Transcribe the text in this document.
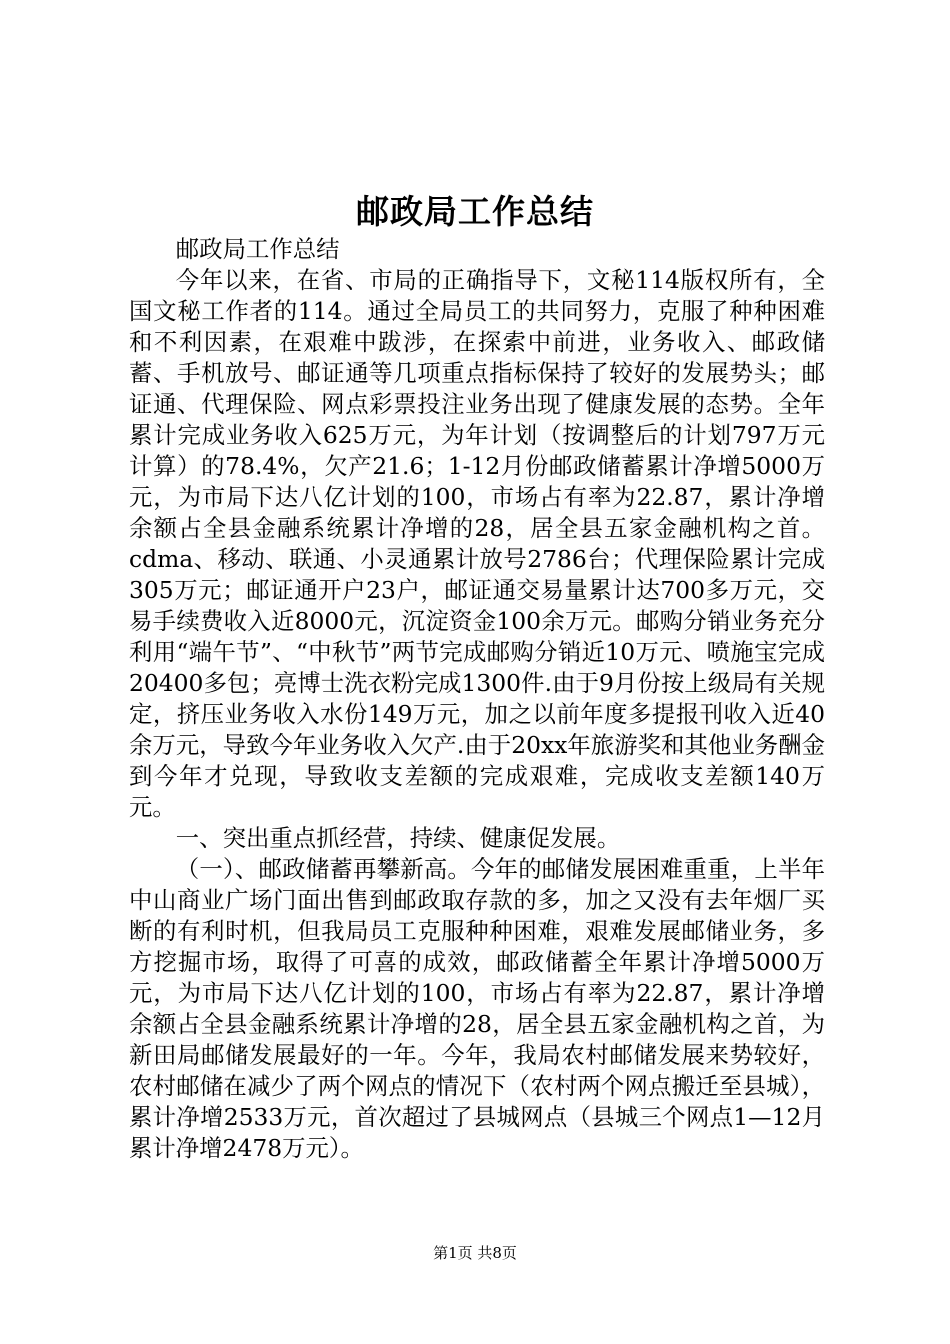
邮政局工作总结

邮政局工作总结

今年以来，在省、市局的正确指导下，文秘114版权所有，全国文秘工作者的114。通过全局员工的共同努力，克服了种种困难和不利因素，在艰难中跋涉，在探索中前进，业务收入、邮政储蓄、手机放号、邮证通等几项重点指标保持了较好的发展势头；邮证通、代理保险、网点彩票投注业务出现了健康发展的态势。全年累计完成业务收入625万元，为年计划（按调整后的计划797万元计算）的78.4%，欠产21.6；1-12月份邮政储蓄累计净增5000万元，为市局下达八亿计划的100，市场占有率为22.87，累计净增余额占全县金融系统累计净增的28，居全县五家金融机构之首。cdma、移动、联通、小灵通累计放号2786台；代理保险累计完成305万元；邮证通开户23户，邮证通交易量累计达700多万元，交易手续费收入近8000元，沉淀资金100余万元。邮购分销业务充分利用“端午节”、“中秋节”两节完成邮购分销近10万元、喷施宝完成20400多包；亮博士洗衣粉完成1300件.由于9月份按上级局有关规定，挤压业务收入水份149万元，加之以前年度多提报刊收入近40余万元，导致今年业务收入欠产.由于20xx年旅游奖和其他业务酬金到今年才兑现，导致收支差额的完成艰难，完成收支差额140万元。

一、突出重点抓经营，持续、健康促发展。

（一）、邮政储蓄再攀新高。今年的邮储发展困难重重，上半年中山商业广场门面出售到邮政取存款的多，加之又没有去年烟厂买断的有利时机，但我局员工克服种种困难，艰难发展邮储业务，多方挖掘市场，取得了可喜的成效，邮政储蓄全年累计净增5000万元，为市局下达八亿计划的100，市场占有率为22.87，累计净增余额占全县金融系统累计净增的28，居全县五家金融机构之首，为新田局邮储发展最好的一年。今年，我局农村邮储发展来势较好，农村邮储在减少了两个网点的情况下（农村两个网点搬迁至县城），累计净增2533万元，首次超过了县城网点（县城三个网点1—12月累计净增2478万元）。

第1页 共8页
